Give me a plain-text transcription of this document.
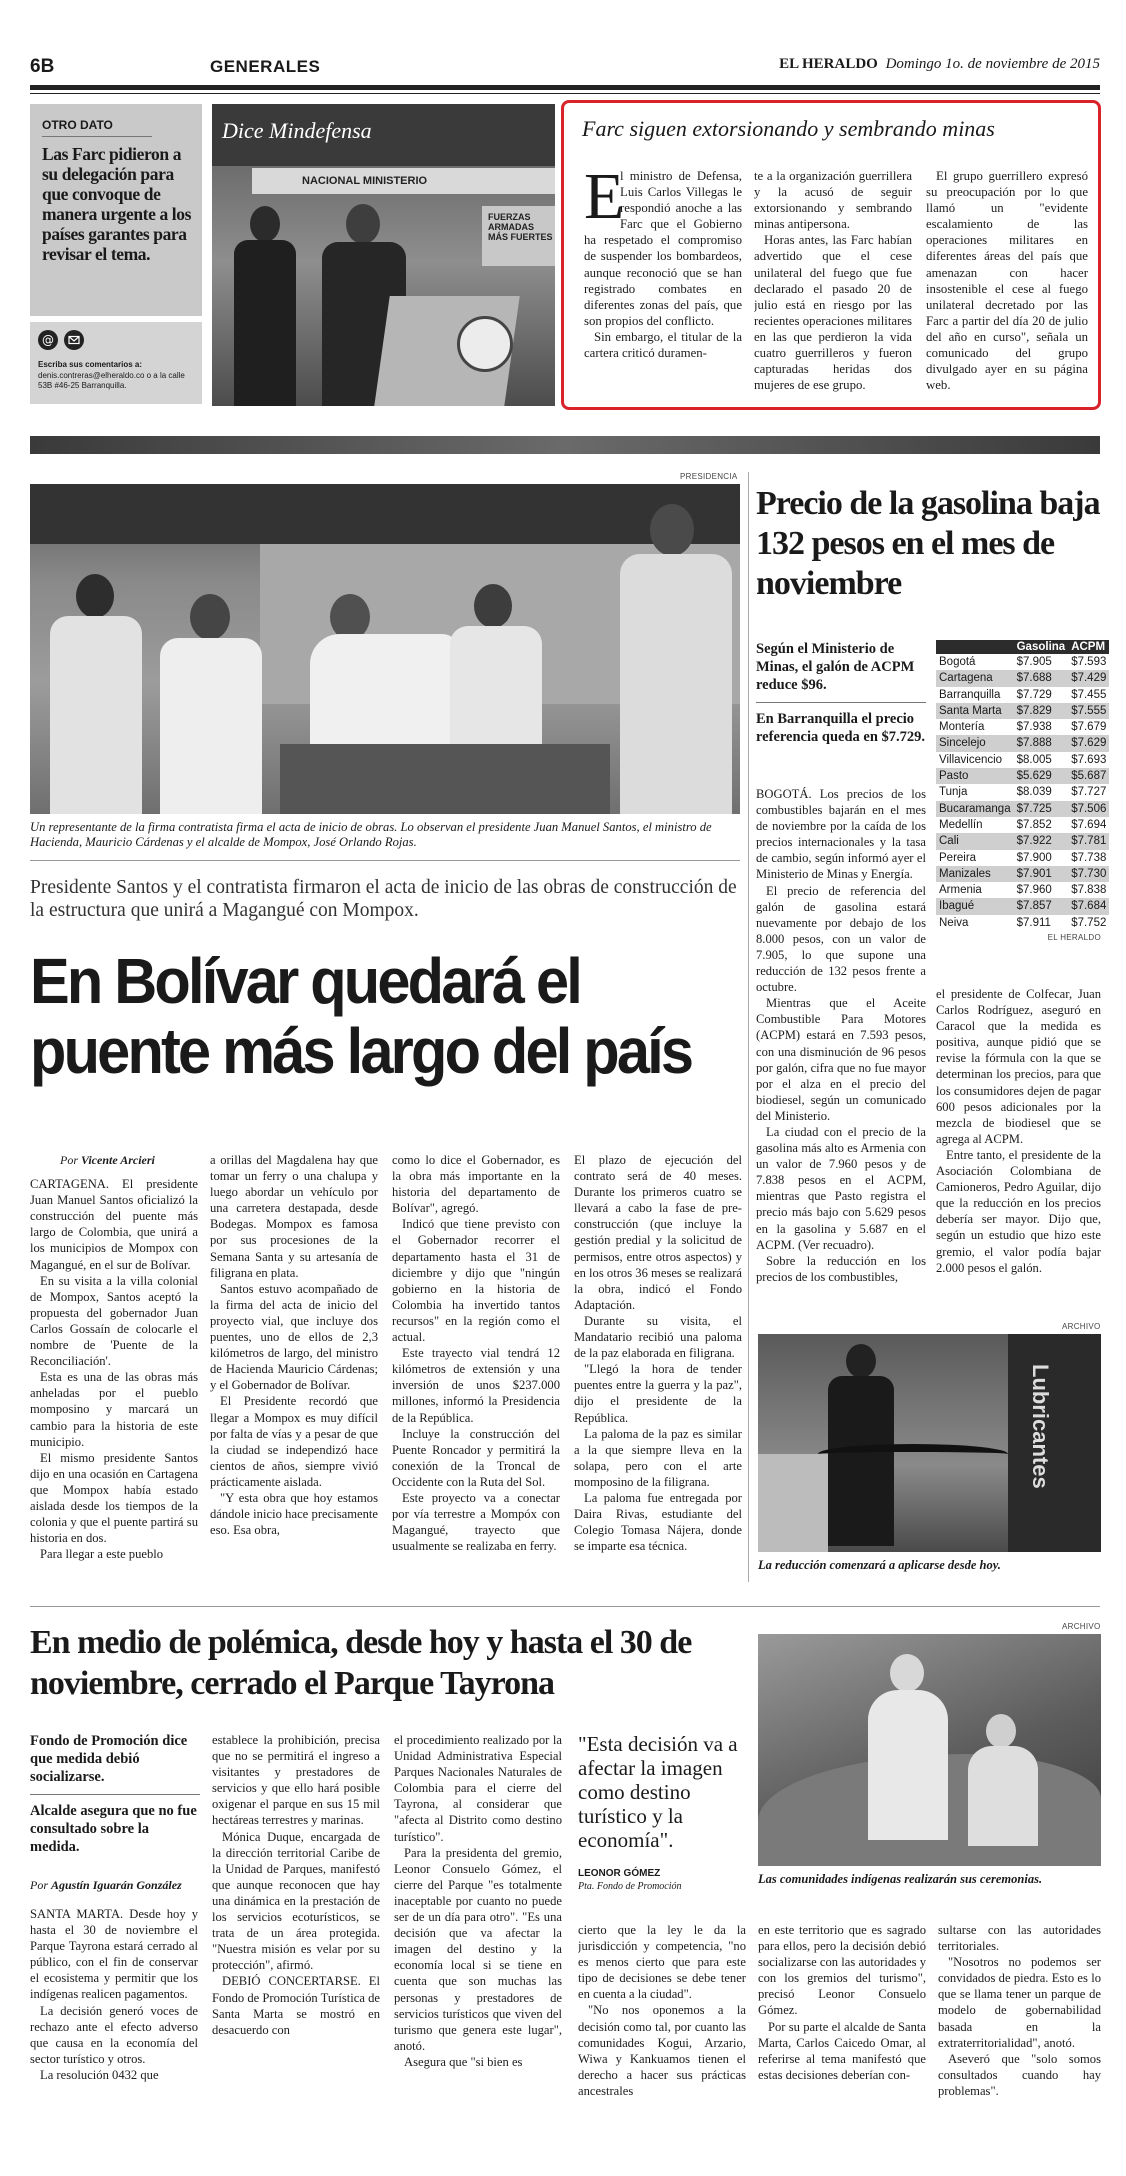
6B	GENERALES	EL HERALDO Domingo 1o. de noviembre de 2015
OTRO DATO
Las Farc pidieron a su delegación para que convoque de manera urgente a los países garantes para revisar el tema.
@
Escriba sus comentarios a:
denis.contreras@elheraldo.co o a la calle 53B #46-25 Barranquilla.
Dice Mindefensa
NACIONAL MINISTERIO
FUERZAS ARMADAS MÁS FUERTES
Farc siguen extorsionando y sembrando minas
E

l ministro de Defensa, Luis Carlos Villegas le respondió anoche a las Farc que el Gobierno ha respetado el compromiso de suspender los bombardeos, aunque reconoció que se han registrado combates en diferentes zonas del país, que son propios del conflicto.

Sin embargo, el titular de la cartera criticó duramen-

te a la organización guerrillera y la acusó de seguir extorsionando y sembrando minas antipersona.

Horas antes, las Farc habían advertido que el cese unilateral del fuego que fue declarado el pasado 20 de julio está en riesgo por las recientes operaciones militares en las que perdieron la vida cuatro guerrilleros y fueron capturadas heridas dos mujeres de ese grupo.

El grupo guerrillero expresó su preocupación por lo que llamó un "evidente escalamiento de las operaciones militares en diferentes áreas del país que amenazan con hacer insostenible el cese al fuego unilateral decretado por las Farc a partir del día 20 de julio del año en curso", señala un comunicado del grupo divulgado ayer en su página web.

PRESIDENCIA
Un representante de la firma contratista firma el acta de inicio de obras. Lo observan el presidente Juan Manuel Santos, el ministro de Hacienda, Mauricio Cárdenas y el alcalde de Mompox, José Orlando Rojas.
Presidente Santos y el contratista firmaron el acta de inicio de las obras de construcción de la estructura que unirá a Magangué con Mompox.
En Bolívar quedará el puente más largo del país
Por Vicente Arcieri

CARTAGENA. El presidente Juan Manuel Santos oficializó la construcción del puente más largo de Colombia, que unirá a los municipios de Mompox con Magangué, en el sur de Bolívar.

En su visita a la villa colonial de Mompox, Santos aceptó la propuesta del gobernador Juan Carlos Gossaín de colocarle el nombre de 'Puente de la Reconciliación'.

Esta es una de las obras más anheladas por el pueblo momposino y marcará un cambio para la historia de este municipio.

El mismo presidente Santos dijo en una ocasión en Cartagena que Mompox había estado aislada desde los tiempos de la colonia y que el puente partirá su historia en dos.

Para llegar a este pueblo

a orillas del Magdalena hay que tomar un ferry o una chalupa y luego abordar un vehículo por una carretera destapada, desde Bodegas. Mompox es famosa por sus procesiones de la Semana Santa y su artesanía de filigrana en plata.

Santos estuvo acompañado de la firma del acta de inicio del proyecto vial, que incluye dos puentes, uno de ellos de 2,3 kilómetros de largo, del ministro de Hacienda Mauricio Cárdenas; y el Gobernador de Bolívar.

El Presidente recordó que llegar a Mompox es muy difícil por falta de vías y a pesar de que la ciudad se independizó hace cientos de años, siempre vivió prácticamente aislada.

"Y esta obra que hoy estamos dándole inicio hace precisamente eso. Esa obra,

como lo dice el Gobernador, es la obra más importante en la historia del departamento de Bolívar", agregó.

Indicó que tiene previsto con el Gobernador recorrer el departamento hasta el 31 de diciembre y dijo que "ningún gobierno en la historia de Colombia ha invertido tantos recursos" en la región como el actual.

Este trayecto vial tendrá 12 kilómetros de extensión y una inversión de unos $237.000 millones, informó la Presidencia de la República.

Incluye la construcción del Puente Roncador y permitirá la conexión de la Troncal de Occidente con la Ruta del Sol.

Este proyecto va a conectar por vía terrestre a Mompóx con Magangué, trayecto que usualmente se realizaba en ferry.

El plazo de ejecución del contrato será de 40 meses. Durante los primeros cuatro se llevará a cabo la fase de pre-construcción (que incluye la gestión predial y la solicitud de permisos, entre otros aspectos) y en los otros 36 meses se realizará la obra, indicó el Fondo Adaptación.

Durante su visita, el Mandatario recibió una paloma de la paz elaborada en filigrana.

"Llegó la hora de tender puentes entre la guerra y la paz", dijo el presidente de la República.

La paloma de la paz es similar a la que siempre lleva en la solapa, pero con el arte momposino de la filigrana.

La paloma fue entregada por Daira Rivas, estudiante del Colegio Tomasa Nájera, donde se imparte esa técnica.

Precio de la gasolina baja 132 pesos en el mes de noviembre
Según el Ministerio de Minas, el galón de ACPM reduce $96.
En Barranquilla el precio referencia queda en $7.729.
	Gasolina	ACPM
Bogotá	$7.905	$7.593
Cartagena	$7.688	$7.429
Barranquilla	$7.729	$7.455
Santa Marta	$7.829	$7.555
Montería	$7.938	$7.679
Sincelejo	$7.888	$7.629
Villavicencio	$8.005	$7.693
Pasto	$5.629	$5.687
Tunja	$8.039	$7.727
Bucaramanga	$7.725	$7.506
Medellín	$7.852	$7.694
Cali	$7.922	$7.781
Pereira	$7.900	$7.738
Manizales	$7.901	$7.730
Armenia	$7.960	$7.838
Ibagué	$7.857	$7.684
Neiva	$7.911	$7.752
EL HERALDO

BOGOTÁ. Los precios de los combustibles bajarán en el mes de noviembre por la caída de los precios internacionales y la tasa de cambio, según informó ayer el Ministerio de Minas y Energía.

El precio de referencia del galón de gasolina estará nuevamente por debajo de los 8.000 pesos, con un valor de 7.905, lo que supone una reducción de 132 pesos frente a octubre.

Mientras que el Aceite Combustible Para Motores (ACPM) estará en 7.593 pesos, con una disminución de 96 pesos por galón, cifra que no fue mayor por el alza en el precio del biodiesel, según un comunicado del Ministerio.

La ciudad con el precio de la gasolina más alto es Armenia con un valor de 7.960 pesos y de 7.838 pesos en el ACPM, mientras que Pasto registra el precio más bajo con 5.629 pesos en la gasolina y 5.687 en el ACPM. (Ver recuadro).

Sobre la reducción en los precios de los combustibles,

el presidente de Colfecar, Juan Carlos Rodríguez, aseguró en Caracol que la medida es positiva, aunque pidió que se revise la fórmula con la que se determinan los precios, para que los consumidores dejen de pagar 600 pesos adicionales por la mezcla de biodiesel que se agrega al ACPM.

Entre tanto, el presidente de la Asociación Colombiana de Camioneros, Pedro Aguilar, dijo que la reducción en los precios debería ser mayor. Dijo que, según un estudio que hizo este gremio, el valor podía bajar 2.000 pesos el galón.

ARCHIVO
Lubricantes
La reducción comenzará a aplicarse desde hoy.
ARCHIVO
En medio de polémica, desde hoy y hasta el 30 de noviembre, cerrado el Parque Tayrona
Las comunidades indígenas realizarán sus ceremonias.
Fondo de Promoción dice que medida debió socializarse.
Alcalde asegura que no fue consultado sobre la medida.
Por Agustín Iguarán González

SANTA MARTA. Desde hoy y hasta el 30 de noviembre el Parque Tayrona estará cerrado al público, con el fin de conservar el ecosistema y permitir que los indígenas realicen pagamentos.

La decisión generó voces de rechazo ante el efecto adverso que causa en la economía del sector turístico y otros.

La resolución 0432 que

establece la prohibición, precisa que no se permitirá el ingreso a visitantes y prestadores de servicios y que ello hará posible oxigenar el parque en sus 15 mil hectáreas terrestres y marinas.

Mónica Duque, encargada de la dirección territorial Caribe de la Unidad de Parques, manifestó que aunque reconocen que hay una dinámica en la prestación de los servicios ecoturísticos, se trata de un área protegida. "Nuestra misión es velar por su protección", afirmó.

DEBIÓ CONCERTARSE. El Fondo de Promoción Turística de Santa Marta se mostró en desacuerdo con

el procedimiento realizado por la Unidad Administrativa Especial Parques Nacionales Naturales de Colombia para el cierre del Tayrona, al considerar que "afecta al Distrito como destino turístico".

Para la presidenta del gremio, Leonor Consuelo Gómez, el cierre del Parque "es totalmente inaceptable por cuanto no puede ser de un día para otro". "Es una decisión que va afectar la imagen del destino y la economía local si se tiene en cuenta que son muchas las personas y prestadores de servicios turísticos que viven del turismo que genera este lugar", anotó.

Asegura que "si bien es

"Esta decisión va a afectar la imagen como destino turístico y la economía".
LEONOR GÓMEZ
Pta. Fondo de Promoción

cierto que la ley le da la jurisdicción y competencia, "no es menos cierto que para este tipo de decisiones se debe tener en cuenta a la ciudad".

"No nos oponemos a la decisión como tal, por cuanto las comunidades Kogui, Arzario, Wiwa y Kankuamos tienen el derecho a hacer sus prácticas ancestrales

en este territorio que es sagrado para ellos, pero la decisión debió socializarse con las autoridades y con los gremios del turismo", precisó Leonor Consuelo Gómez.

Por su parte el alcalde de Santa Marta, Carlos Caicedo Omar, al referirse al tema manifestó que estas decisiones deberían con-

sultarse con las autoridades territoriales.

"Nosotros no podemos ser convidados de piedra. Esto es lo que se llama tener un parque de modelo de gobernabilidad basada en la extraterritorialidad", anotó.

Aseveró que "solo somos consultados cuando hay problemas".
